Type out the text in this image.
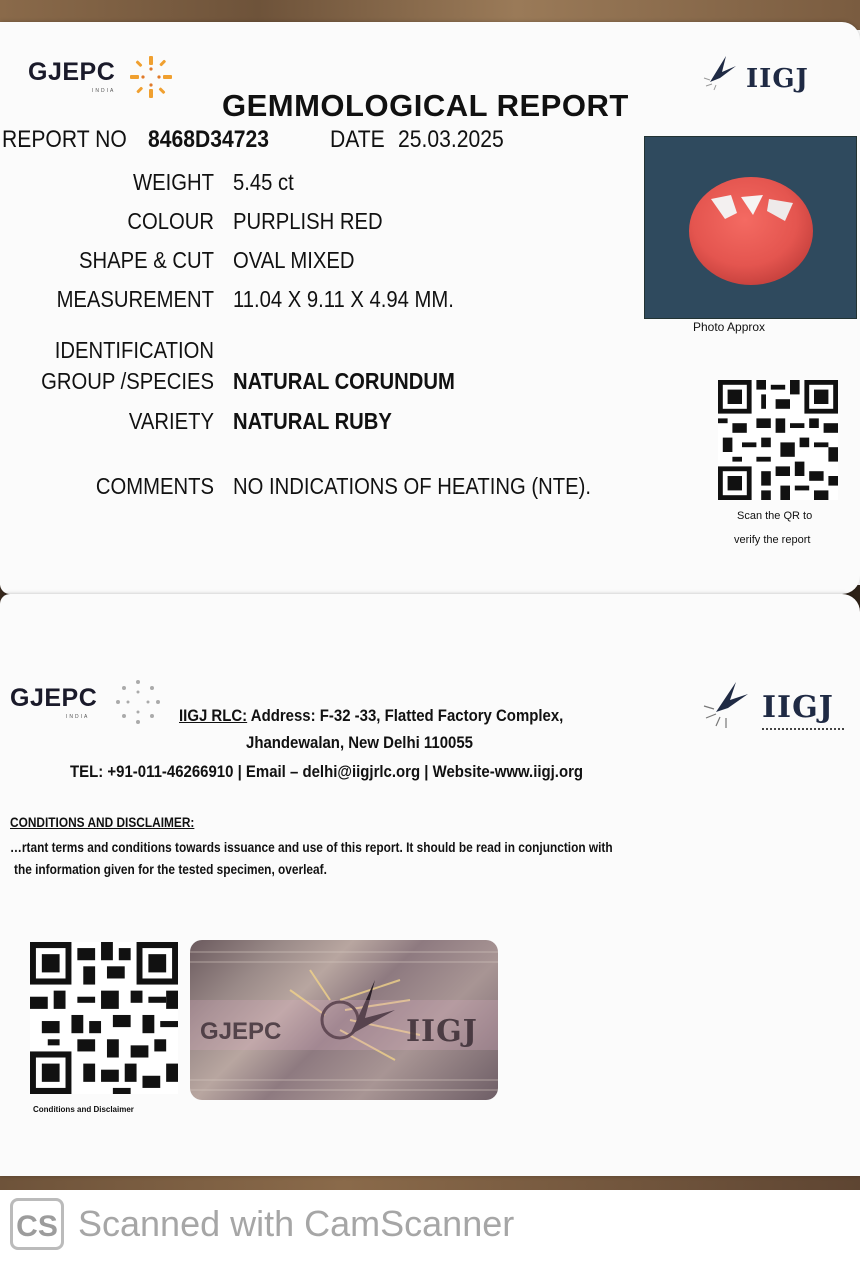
GJEPC
INDIA	IIGJ
GEMMOLOGICAL REPORT
REPORT NO 8468D34723	DATE 25.03.2025
WEIGHT 5.45 ct
COLOUR PURPLISH RED
SHAPE & CUT OVAL MIXED
MEASUREMENT 11.04 X 9.11 X 4.94 MM.
IDENTIFICATION
GROUP /SPECIES NATURAL CORUNDUM
VARIETY NATURAL RUBY
COMMENTS NO INDICATIONS OF HEATING (NTE).
Photo Approx
Scan the QR to
verify the report
GJEPC
INDIA	IIGJ
IIGJ RLC: Address: F-32 -33, Flatted Factory Complex,
Jhandewalan, New Delhi 110055
TEL: +91-011-46266910 | Email – delhi@iigjrlc.org | Website-www.iigj.org
CONDITIONS AND DISCLAIMER:
…rtant terms and conditions towards issuance and use of this report. It should be read in conjunction with
the information given for the tested specimen, overleaf.
Conditions and Disclaimer
GJEPC	IIGJ
CS Scanned with CamScanner
